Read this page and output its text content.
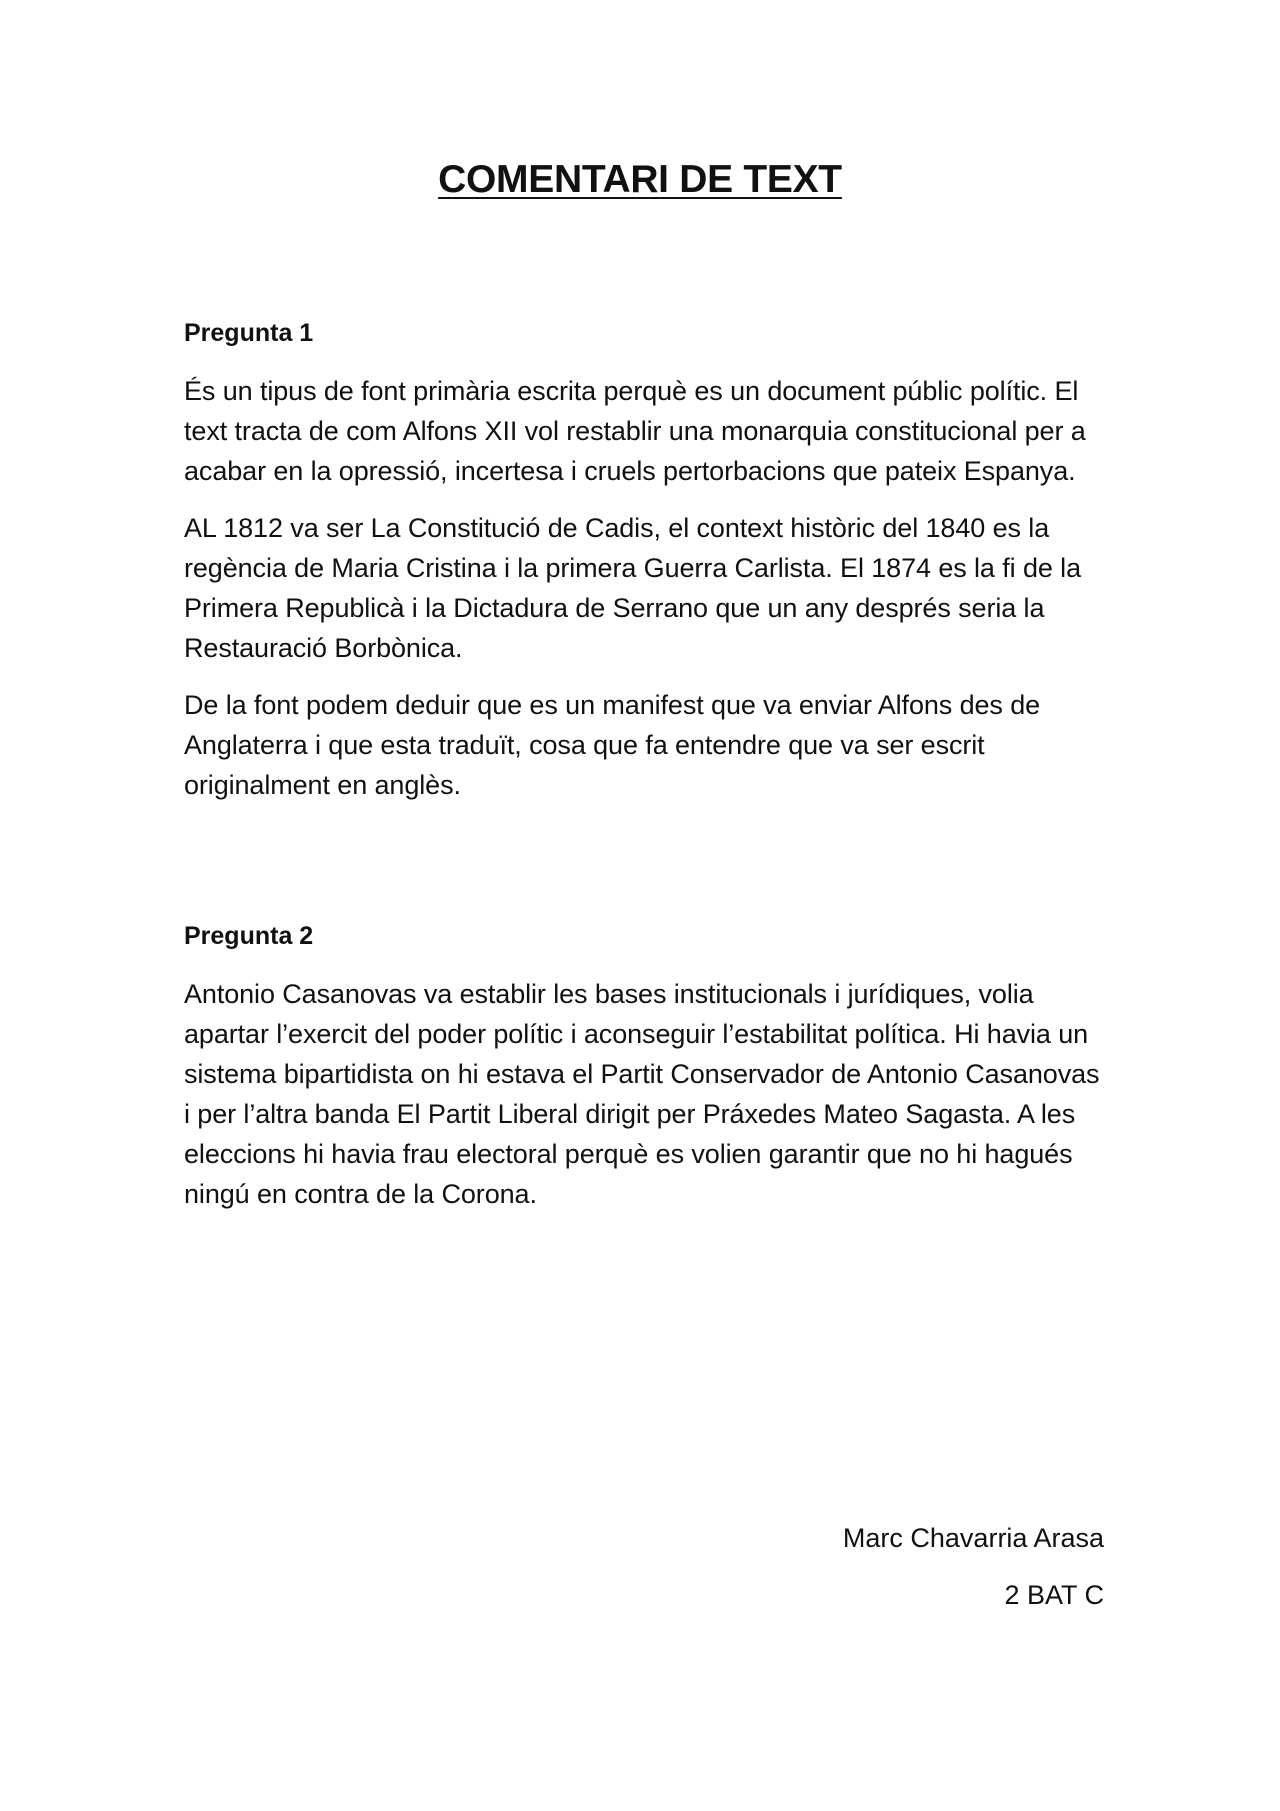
COMENTARI DE TEXT
Pregunta 1

És un tipus de font primària escrita perquè es un document públic polític. El text tracta de com Alfons XII vol restablir una monarquia constitucional per a acabar en la opressió, incertesa i cruels pertorbacions que pateix Espanya.

AL 1812 va ser La Constitució de Cadis, el context històric del 1840 es la regència de Maria Cristina i la primera Guerra Carlista. El 1874 es la fi de la Primera Republicà i la Dictadura de Serrano que un any després seria la Restauració Borbònica.

De la font podem deduir que es un manifest que va enviar Alfons des de Anglaterra i que esta traduït, cosa que fa entendre que va ser escrit originalment en anglès.

Pregunta 2

Antonio Casanovas va establir les bases institucionals i jurídiques, volia apartar l’exercit del poder polític i aconseguir l’estabilitat política. Hi havia un sistema bipartidista on hi estava el Partit Conservador de Antonio Casanovas i per l’altra banda El Partit Liberal dirigit per Práxedes Mateo Sagasta. A les eleccions hi havia frau electoral perquè es volien garantir que no hi hagués ningú en contra de la Corona.

Marc Chavarria Arasa

2 BAT C
